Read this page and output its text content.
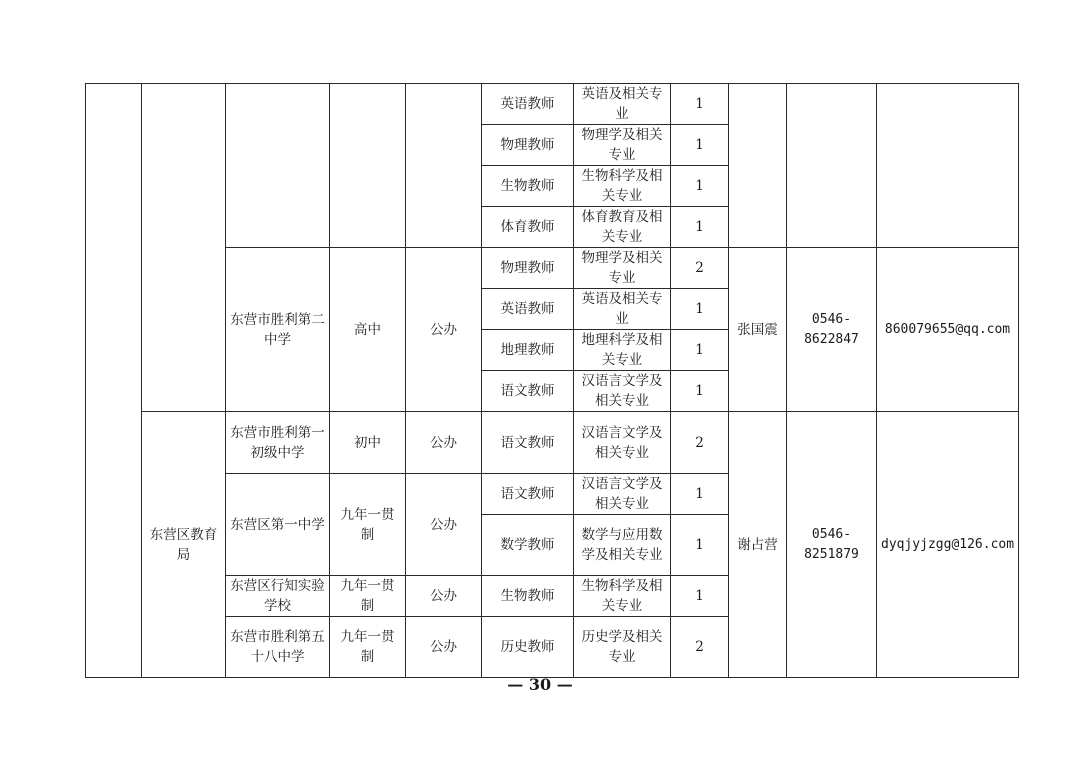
					英语教师	英语及相关专业	1			
					物理教师	物理学及相关专业	1			
					生物教师	生物科学及相关专业	1			
					体育教师	体育教育及相关专业	1			
		东营市胜利第二中学	高中	公办	物理教师	物理学及相关专业	2	张国震	0546-8622847	860079655@qq.com
					英语教师	英语及相关专业	1			
					地理教师	地理科学及相关专业	1			
					语文教师	汉语言文学及相关专业	1			
	东营区教育局	东营市胜利第一初级中学	初中	公办	语文教师	汉语言文学及相关专业	2	谢占营	0546-8251879	dyqjyjzgg@126.com
		东营区第一中学	九年一贯制	公办	语文教师	汉语言文学及相关专业	1			
					数学教师	数学与应用数学及相关专业	1			
		东营区行知实验学校	九年一贯制	公办	生物教师	生物科学及相关专业	1			
		东营市胜利第五十八中学	九年一贯制	公办	历史教师	历史学及相关专业	2			
— 30 —
